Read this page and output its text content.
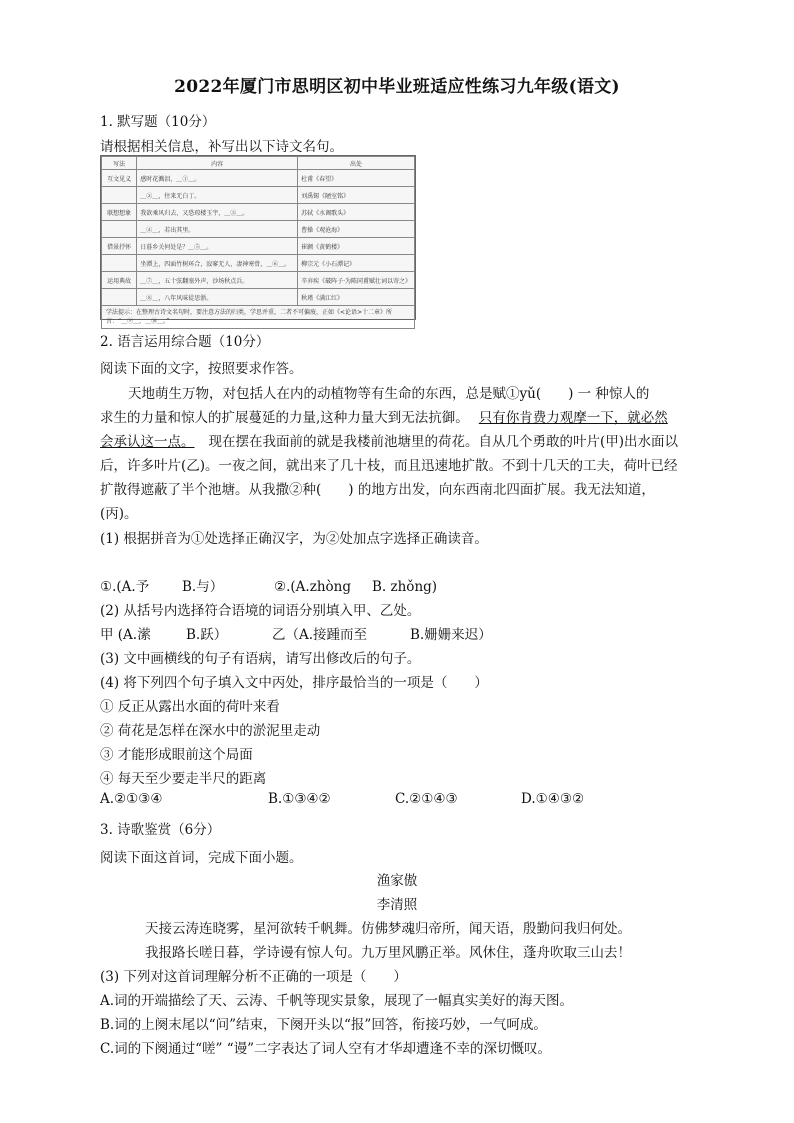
2022年厦门市思明区初中毕业班适应性练习九年级(语文)
1. 默写题（10分）
请根据相关信息，补写出以下诗文名句。
写法	内容	出处
互文见义	感时花溅泪，＿①＿。	杜甫《春望》
	＿②＿，往来无白丁。	刘禹锡《陋室铭》
联想想象	我欲乘风归去，又恐琼楼玉宇，＿③＿。	苏轼《水调歌头》
	＿④＿，若出其里。	曹操《观沧海》
借景抒怀	日暮乡关何处是？＿⑤＿。	崔颢《黄鹤楼》
	坐潭上，四面竹树环合，寂寥无人，凄神寒骨，＿⑥＿。	柳宗元《小石潭记》
运用典故	＿⑦＿，五十弦翻塞外声，沙场秋点兵。	辛弃疾《破阵子·为陈同甫赋壮词以寄之》
	＿⑧＿，八年风味徒思浙。	秋瑾《满江红》
学法提示：在整理古诗文名句时，要注意方法的归类，学思并重，二者不可偏废，正如《<论语>十二章》所言：“＿⑨＿，＿⑩＿。”		
2. 语言运用综合题（10分）
阅读下面的文字，按照要求作答。
天地萌生万物，对包括人在内的动植物等有生命的东西，总是赋①yǔ(　　) 一 种惊人的
求生的力量和惊人的扩展蔓延的力量,这种力量大到无法抗御。 只有你肯费力观摩一下，就必然
会承认这一点。 现在摆在我面前的就是我楼前池塘里的荷花。自从几个勇敢的叶片(甲)出水面以
后，许多叶片(乙)。一夜之间，就出来了几十枝，而且迅速地扩散。不到十几天的工夫，荷叶已经
扩散得遮蔽了半个池塘。从我撒②种(　　) 的地方出发，向东西南北四面扩展。我无法知道，
(丙)。
(1) 根据拼音为①处选择正确汉字，为②处加点字选择正确读音。
①.(A.予 B.与）	②.(A.zhòng B. zhǒng)
(2) 从括号内选择符合语境的词语分别填入甲、乙处。
甲 (A.潆	B.跃）	乙（A.接踵而至	B.姗姗来迟）
(3) 文中画横线的句子有语病，请写出修改后的句子。
(4) 将下列四个句子填入文中丙处，排序最恰当的一项是（　　）
① 反正从露出水面的荷叶来看
② 荷花是怎样在深水中的淤泥里走动
③ 才能形成眼前这个局面
④ 每天至少要走半尺的距离
A.②①③④	B.①③④②	C.②①④③	D.①④③②
3. 诗歌鉴赏（6分）
阅读下面这首词，完成下面小题。
渔家傲
李清照
天接云涛连晓雾，星河欲转千帆舞。仿佛梦魂归帝所，闻天语，殷勤问我归何处。
我报路长嗟日暮，学诗谩有惊人句。九万里风鹏正举。风休住，蓬舟吹取三山去！
(3) 下列对这首词理解分析不正确的一项是（　　）
A.词的开端描绘了天、云涛、千帆等现实景象，展现了一幅真实美好的海天图。
B.词的上阕末尾以“问”结束，下阕开头以“报”回答，衔接巧妙，一气呵成。
C.词的下阕通过“嗟” “谩”二字表达了词人空有才华却遭逢不幸的深切慨叹。
